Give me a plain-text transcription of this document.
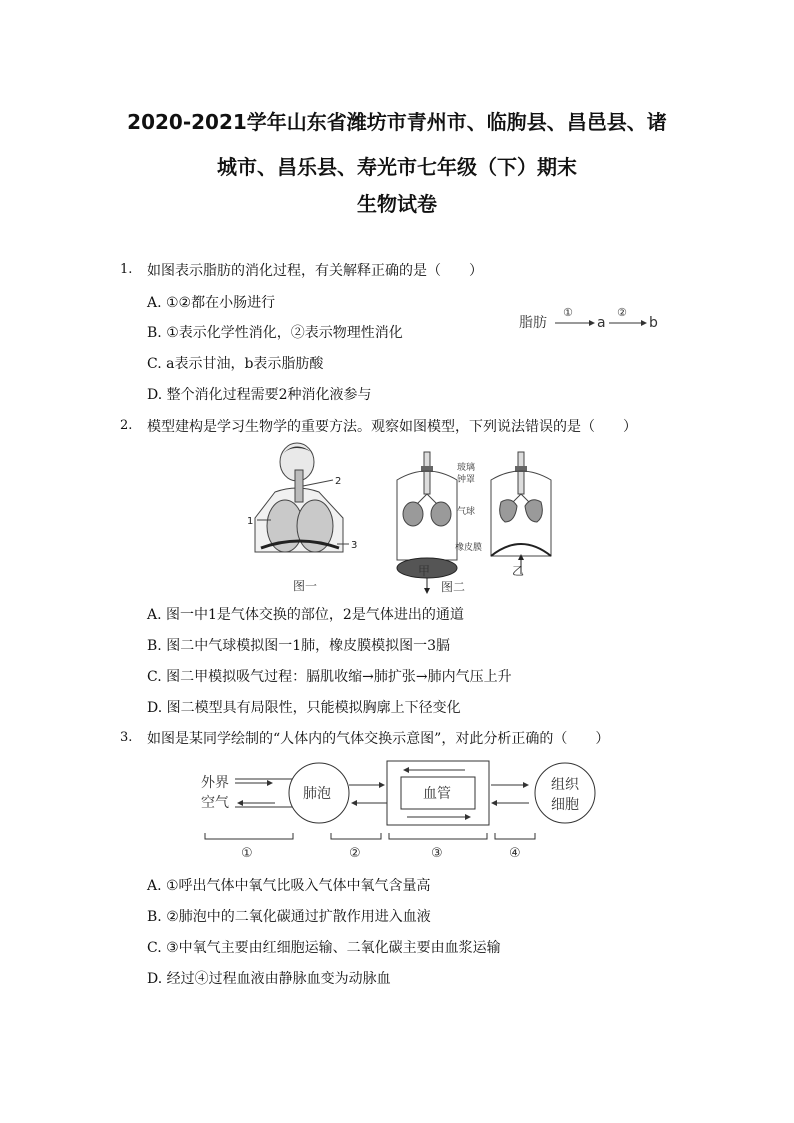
2020-2021学年山东省潍坊市青州市、临朐县、昌邑县、诸
城市、昌乐县、寿光市七年级（下）期末
生物试卷
1. 如图表示脂肪的消化过程，有关解释正确的是（　　）
A. ①②都在小肠进行
B. ①表示化学性消化，②表示物理性消化
C. a表示甘油，b表示脂肪酸
D. 整个消化过程需要2种消化液参与
脂肪
①
a
②
b
2. 模型建构是学习生物学的重要方法。观察如图模型，下列说法错误的是（　　）
2
1
3
图一
玻璃
钟罩
气球
橡皮膜
甲	乙
图二
A. 图一中1是气体交换的部位，2是气体进出的通道
B. 图二中气球模拟图一1肺，橡皮膜模拟图一3膈
C. 图二甲模拟吸气过程：膈肌收缩→肺扩张→肺内气压上升
D. 图二模型具有局限性，只能模拟胸廓上下径变化
3. 如图是某同学绘制的“人体内的气体交换示意图”，对此分析正确的（　　）
外界
空气
肺泡	血管
组织
细胞
①	②	③	④
A. ①呼出气体中氧气比吸入气体中氧气含量高
B. ②肺泡中的二氧化碳通过扩散作用进入血液
C. ③中氧气主要由红细胞运输、二氧化碳主要由血浆运输
D. 经过④过程血液由静脉血变为动脉血
